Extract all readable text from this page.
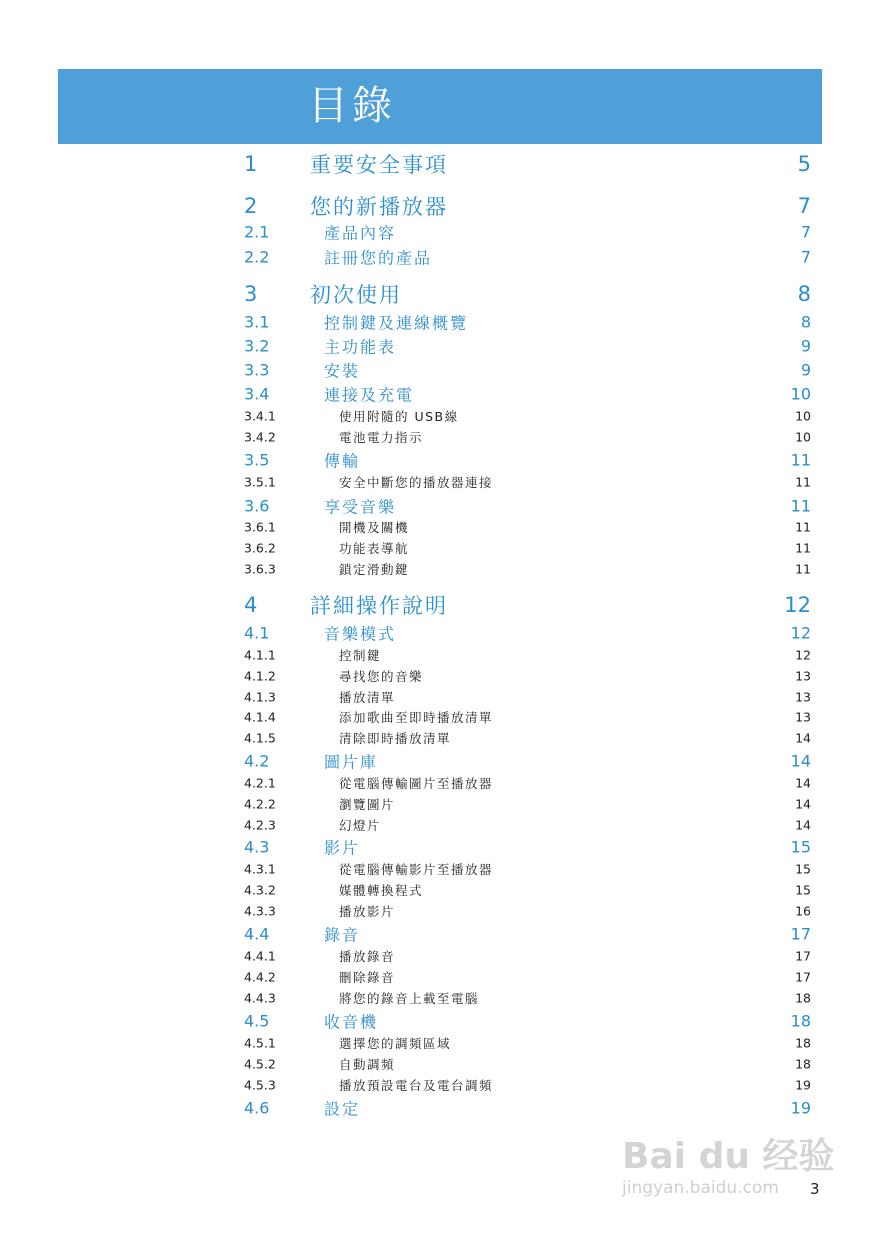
目錄
1	重要安全事項	5
2	您的新播放器	7
2.1	產品內容	7
2.2	註冊您的產品	7
3	初次使用	8
3.1	控制鍵及連線概覽	8
3.2	主功能表	9
3.3	安裝	9
3.4	連接及充電	10
3.4.1	使用附隨的 USB線	10
3.4.2	電池電力指示	10
3.5	傳輸	11
3.5.1	安全中斷您的播放器連接	11
3.6	享受音樂	11
3.6.1	開機及關機	11
3.6.2	功能表導航	11
3.6.3	鎖定滑動鍵	11
4	詳細操作說明	12
4.1	音樂模式	12
4.1.1	控制鍵	12
4.1.2	尋找您的音樂	13
4.1.3	播放清單	13
4.1.4	添加歌曲至即時播放清單	13
4.1.5	清除即時播放清單	14
4.2	圖片庫	14
4.2.1	從電腦傳輸圖片至播放器	14
4.2.2	瀏覽圖片	14
4.2.3	幻燈片	14
4.3	影片	15
4.3.1	從電腦傳輸影片至播放器	15
4.3.2	媒體轉換程式	15
4.3.3	播放影片	16
4.4	錄音	17
4.4.1	播放錄音	17
4.4.2	刪除錄音	17
4.4.3	將您的錄音上載至電腦	18
4.5	收音機	18
4.5.1	選擇您的調頻區域	18
4.5.2	自動調頻	18
4.5.3	播放預設電台及電台調頻	19
4.6	設定	19
Bai du 经验
jingyan.baidu.com 3
